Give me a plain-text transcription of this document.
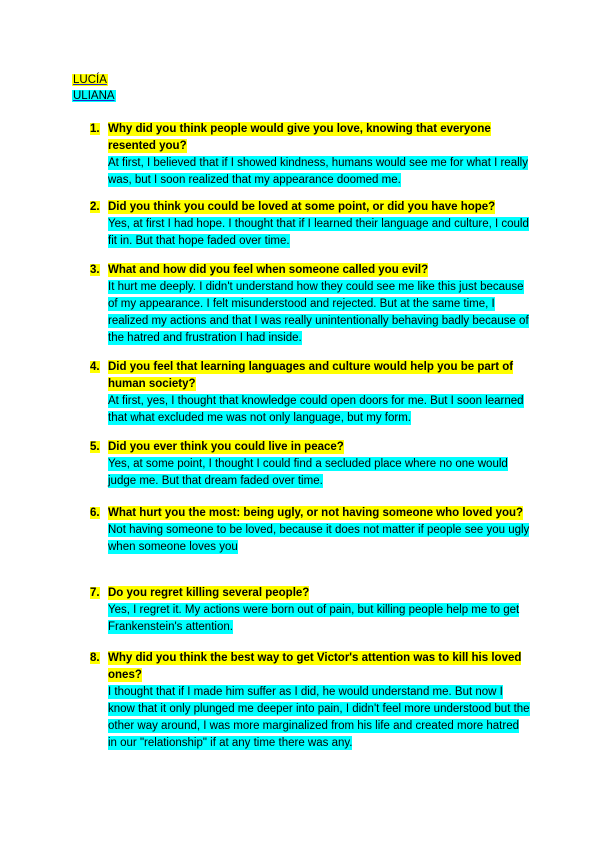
LUCÍA
ULIANA
1. Why did you think people would give you love, knowing that everyone resented you?
At first, I believed that if I showed kindness, humans would see me for what I really was, but I soon realized that my appearance doomed me.
2. Did you think you could be loved at some point, or did you have hope?
Yes, at first I had hope. I thought that if I learned their language and culture, I could fit in. But that hope faded over time.
3. What and how did you feel when someone called you evil?
It hurt me deeply. I didn't understand how they could see me like this just because of my appearance. I felt misunderstood and rejected. But at the same time, I realized my actions and that I was really unintentionally behaving badly because of the hatred and frustration I had inside.
4. Did you feel that learning languages and culture would help you be part of human society?
At first, yes, I thought that knowledge could open doors for me. But I soon learned that what excluded me was not only language, but my form.
5. Did you ever think you could live in peace?
Yes, at some point, I thought I could find a secluded place where no one would judge me. But that dream faded over time.
6. What hurt you the most: being ugly, or not having someone who loved you?
Not having someone to be loved, because it does not matter if people see you ugly when someone loves you
7. Do you regret killing several people?
Yes, I regret it. My actions were born out of pain, but killing people help me to get Frankenstein's attention.
8. Why did you think the best way to get Victor's attention was to kill his loved ones?
I thought that if I made him suffer as I did, he would understand me. But now I know that it only plunged me deeper into pain, I didn't feel more understood but the other way around, I was more marginalized from his life and created more hatred in our "relationship" if at any time there was any.
